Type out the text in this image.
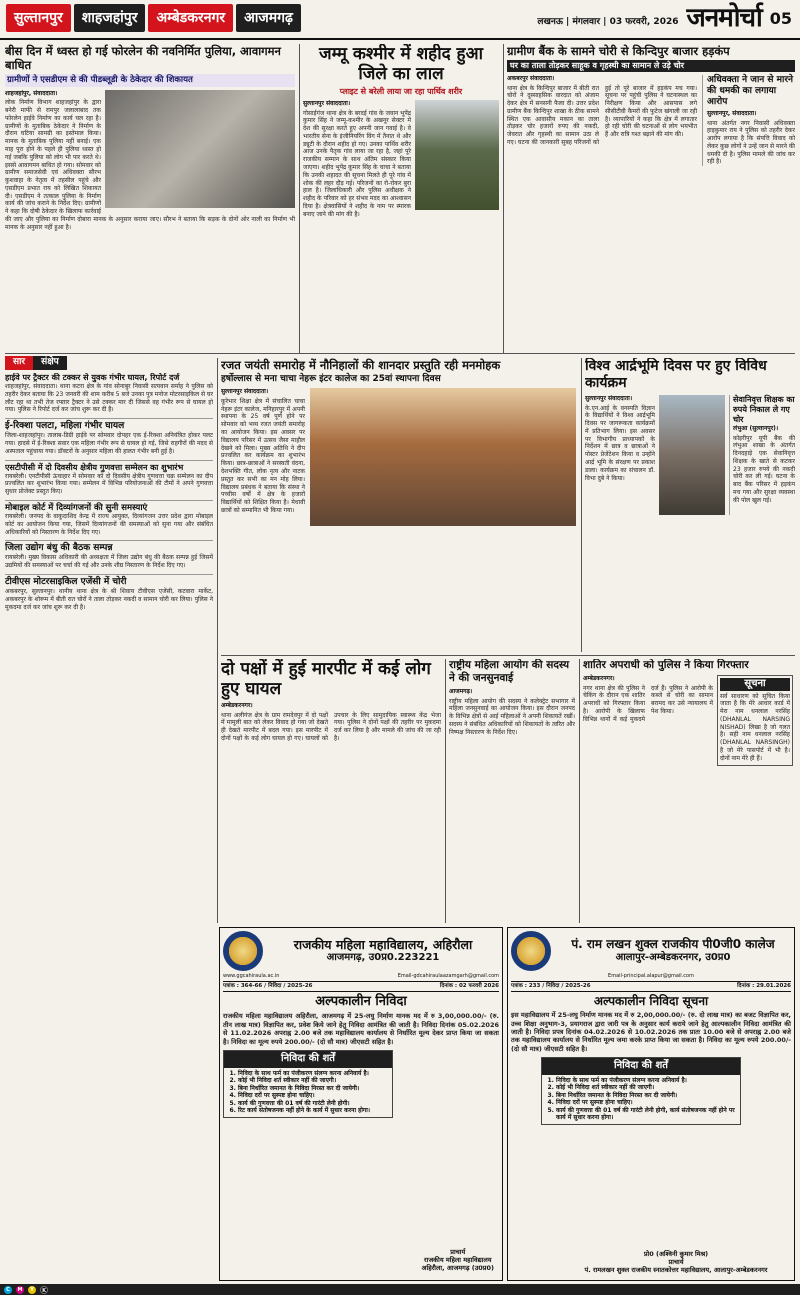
सुल्तानपुर	शाहजहांपुर	अम्बेडकरनगर	आजमगढ़	लखनऊ | मंगलवार | 03 फरवरी, 2026 जनमोर्चा 05
बीस दिन में ध्वस्त हो गई फोरलेन की नवनिर्मित पुलिया, आवागमन बाधित
ग्रामीणों ने एसडीएम से की पीडब्लूडी के ठेकेदार की शिकायत
शाहजहांपुर, संवाददाता।
लोक निर्माण विभाग शाहजहांपुर के द्वारा बनेरी माफी से रामपुर जलालाबाद तक फोरलेन हाईवे निर्माण का कार्य चल रहा है। ग्रामीणों के मुताबिक ठेकेदार ने निर्माण के दौरान घटिया सामग्री का इस्तेमाल किया। मानक के मुताबिक पुलिया नहीं बनाई। एक माह पूरा होने के पहले ही पुलिया ध्वस्त हो गई जबकि पुलिया को लोग भी पार करते थे। इससे आवागमन बाधित हो गया। सोमवार को ग्रामीण समाजसेवी एवं अधिवक्ता सौरभ कुशवाहा के नेतृत्व में तहसील पहुंचे और एसडीएम प्रभात राय को लिखित शिकायत दी। एसडीएम ने तत्काल पुलिया के निर्माण कार्य की जांच कराने के निर्देश दिए। ग्रामीणों ने कहा कि दोषी ठेकेदार के खिलाफ कार्रवाई की जाए और पुलिया का निर्माण दोबारा मानक के अनुसार कराया जाए। सौरभ ने बताया कि सड़क के दोनों ओर नाली का निर्माण भी मानक के अनुसार नहीं हुआ है।
जम्मू कश्मीर में शहीद हुआ जिले का लाल
प्लाइट से बरेली लाया जा रहा पार्थिव शरीर
सुल्तानपुर संवाददाता।
गोसाईगंज थाना क्षेत्र के बरदई गांव के जवान भूपेंद्र कुमार सिंह ने जम्मू-कश्मीर के अखनूर सेक्टर में देश की सुरक्षा करते हुए अपनी जान गवाई है। वे भारतीय सेना के इंजीनियरिंग विंग में तैनात थे और ड्यूटी के दौरान शहीद हो गए। उनका पार्थिव शरीर आज उनके पैतृक गांव लाया जा रहा है, जहां पूरे राजकीय सम्मान के साथ अंतिम संस्कार किया जाएगा। शहीद भूपेंद्र कुमार सिंह के चाचा ने बताया कि उनकी शहादत की सूचना मिलते ही पूरे गांव में शोक की लहर दौड़ गई। परिजनों का रो-रोकर बुरा हाल है। जिलाधिकारी और पुलिस अधीक्षक ने शहीद के परिवार को हर संभव मदद का आश्वासन दिया है। क्षेत्रवासियों ने शहीद के नाम पर स्मारक बनाए जाने की मांग की है।
ग्रामीण बैंक के सामने चोरी से किन्दिपुर बाजार हड़कंप
घर का ताला तोड़कर साहूक व गृहस्थी का सामान ले उड़े चोर
अकबरपुर संवाददाता।
थाना क्षेत्र के किन्दिपुर बाजार में बीती रात चोरों ने दुस्साहसिक वारदात को अंजाम देकर क्षेत्र में सनसनी फैला दी। उत्तर प्रदेश ग्रामीण बैंक किन्दिपुर शाखा के ठीक सामने स्थित एक आवासीय मकान का ताला तोड़कर चोर हजारों रुपए की नकदी, जेवरात और गृहस्थी का सामान उठा ले गए। घटना की जानकारी सुबह परिजनों को हुई तो पूरे बाजार में हड़कंप मच गया। सूचना पर पहुंची पुलिस ने घटनास्थल का निरीक्षण किया और आसपास लगे सीसीटीवी कैमरों की फुटेज खंगाली जा रही है। व्यापारियों ने कहा कि क्षेत्र में लगातार हो रही चोरी की घटनाओं से लोग भयभीत हैं और रात्रि गश्त बढ़ाने की मांग की।
अधिवक्ता ने जान से मारने की धमकी का लगाया आरोप
सुल्तानपुर, संवाददाता।
थाना अंतर्गत नगर निवासी अधिवक्ता हाइकुमार राय ने पुलिस को तहरीर देकर आरोप लगाया है कि संपत्ति विवाद को लेकर कुछ लोगों ने उन्हें जान से मारने की धमकी दी है। पुलिस मामले की जांच कर रही है।
सार	संक्षेप
हाईवे पर ट्रैक्टर की टक्कर से युवक गंभीर घायल, रिपोर्ट दर्ज
शाहजहांपुर, संवाददाता। थाना कटरा क्षेत्र के गांव सोनाबुर निवासी सत्यवान सर्माह ने पुलिस को तहरीर देकर बताया कि 23 जनवरी की शाम करीब 5 बजे उनका पुत्र मनोज मोटरसाइकिल से घर लौट रहा था तभी तेज रफ्तार ट्रैक्टर ने उसे टक्कर मार दी जिससे वह गंभीर रूप से घायल हो गया। पुलिस ने रिपोर्ट दर्ज कर जांच शुरू कर दी है।
ई-रिक्शा पलटा, महिला गंभीर घायल
जिला-शाहजहांपुर। तालाब-डिग्री हाईवे पर सोमवार दोपहर एक ई-रिक्शा अनियंत्रित होकर पलट गया। हादसे में ई-रिक्शा सवार एक महिला गंभीर रूप से घायल हो गई, जिसे राहगीरों की मदद से अस्पताल पहुंचाया गया। डॉक्टरों के अनुसार महिला की हालत गंभीर बनी हुई है।
एसटीपीसी में दो दिवसीय क्षेत्रीय गुणवत्ता सम्मेलन का शुभारंभ
रायबरेली। एनटीपीसी ऊंचाहार में सोमवार को दो दिवसीय क्षेत्रीय गुणवत्ता चक्र सम्मेलन का दीप प्रज्वलित कर शुभारंभ किया गया। सम्मेलन में विभिन्न परियोजनाओं की टीमों ने अपने गुणवत्ता सुधार प्रोजेक्ट प्रस्तुत किए।
मोबाइल कोर्ट में दिव्यांगजनों की सुनी समस्याएं
रायबरेली। जनपद के वाकुदाशिद केन्द्र में राज्य आयुक्त, दिव्यांगजन उत्तर प्रदेश द्वारा मोबाइल कोर्ट का आयोजन किया गया, जिसमें दिव्यांगजनों की समस्याओं को सुना गया और संबंधित अधिकारियों को निस्तारण के निर्देश दिए गए।
जिला उद्योग बंधु की बैठक सम्पन्न
रायबरेली। मुख्य विकास अधिकारी की अध्यक्षता में जिला उद्योग बंधु की बैठक सम्पन्न हुई जिसमें उद्यमियों की समस्याओं पर चर्चा की गई और उनके शीघ्र निस्तारण के निर्देश दिए गए।
टीवीएस मोटरसाइकिल एजेंसी में चोरी
अकबरपुर, सुल्तानपुर। थानीय थाना क्षेत्र के श्री शिवाय टीवीएस एजेंसी, कटवारा मार्केट, अकबरपुर के शोरूम में बीती रात चोरों ने ताला तोड़कर नकदी व सामान चोरी कर लिया। पुलिस ने मुकदमा दर्ज कर जांच शुरू कर दी है।
रजत जयंती समारोह में नौनिहालों की शानदार प्रस्तुति रही मनमोहक
हर्षोल्लास से मना चाचा नेहरू इंटर कालेज का 25वां स्थापना दिवस
सुल्तानपुर संवाददाता।
कूरेभार शिक्षा क्षेत्र में संचालित चाचा नेहरू इंटर कालेज, मनिहारपुर में अपनी स्थापना के 25 वर्ष पूर्ण होने पर सोमवार को भव्य रजत जयंती समारोह का आयोजन किया। इस अवसर पर विद्यालय परिसर में उत्सव जैसा माहौल देखने को मिला। मुख्य अतिथि ने दीप प्रज्वलित कर कार्यक्रम का शुभारंभ किया। छात्र-छात्राओं ने सरस्वती वंदना, देशभक्ति गीत, लोक नृत्य और नाटक प्रस्तुत कर सभी का मन मोह लिया। विद्यालय प्रबंधक ने बताया कि संस्था ने पच्चीस वर्षों में क्षेत्र के हजारों विद्यार्थियों को शिक्षित किया है। मेधावी छात्रों को सम्मानित भी किया गया।
विश्व आर्द्रभूमि दिवस पर हुए विविध कार्यक्रम
सुल्तानपुर संवाददाता।
के.एन.आई के वनस्पति विज्ञान के विद्यार्थियों ने विश्व आर्द्रभूमि दिवस पर जागरूकता कार्यक्रमों में प्रतिभाग लिया। इस अवसर पर विभागीय प्राध्यापकों के निर्देशन में छात्र व छात्राओं ने पोस्टर प्रेजेंटेशन किया व उन्होंने आर्द्र भूमि के संरक्षण पर प्रकाश डाला। कार्यक्रम का संचालन डॉ. विभा दुबे ने किया।
सेवानिवृत्त शिक्षक का रुपये निकाल ले गए चोर
लंभुआ (सुल्तानपुर)।
कोइरीपुर यूपी बैंक की लंभुआ शाखा के अंतर्गत दिनदहाड़े एक सेवानिवृत्त शिक्षक के खाते से कटकर 23 हजार रुपये की नकदी चोरी कर ली गई। घटना के बाद बैंक परिसर में हड़कंप मच गया और सुरक्षा व्यवस्था की पोल खुल गई।
दो पक्षों में हुई मारपीट में कई लोग हुए घायल
अम्बेडकरनगर।
थाना अलीगंज क्षेत्र के ग्राम रामदेवपुर में दो पक्षों में मामूली बात को लेकर विवाद हो गया जो देखते ही देखते मारपीट में बदल गया। इस मारपीट में दोनों पक्षों के कई लोग घायल हो गए। घायलों को उपचार के लिए सामुदायिक स्वास्थ्य केंद्र भेजा गया। पुलिस ने दोनों पक्षों की तहरीर पर मुकदमा दर्ज कर लिया है और मामले की जांच की जा रही है।
राष्ट्रीय महिला आयोग की सदस्य ने की जनसुनवाई
आजमगढ़।
राष्ट्रीय महिला आयोग की सदस्य ने कलेक्ट्रेट सभागार में महिला जनसुनवाई का आयोजन किया। इस दौरान जनपद के विभिन्न क्षेत्रों से आई महिलाओं ने अपनी शिकायतें रखीं। सदस्य ने संबंधित अधिकारियों को शिकायतों के त्वरित और निष्पक्ष निस्तारण के निर्देश दिए।
शातिर अपराधी को पुलिस ने किया गिरफ्तार
अम्बेडकरनगर।
नगर थाना क्षेत्र की पुलिस ने चेकिंग के दौरान एक शातिर अपराधी को गिरफ्तार किया है। आरोपी के खिलाफ विभिन्न थानों में कई मुकदमे दर्ज हैं। पुलिस ने आरोपी के कब्जे से चोरी का सामान बरामद कर उसे न्यायालय में पेश किया।
सूचना
सर्व साधारण को सूचित किया जाता है कि मेरे आधार कार्ड में मेरा नाम धनलाल नरसिंह (DHANLAL NARSING NISHAD) लिखा है जो गलत है। सही नाम धनलाल नरसिंह (DHANLAL NARSINGH) है जो मेरे पासपोर्ट में भी है। दोनों नाम मेरे ही हैं।
राजकीय महिला महाविद्यालय, अहिरौला
आजमगढ़, उ0प्र0.223221
www.ggcahiraula.ac.in	Email-gdcahiraulaazamgarh@gmail.com
पत्रांक : 364-66 / निविदा / 2025-26	दिनांक : 02 फरवरी 2026
अल्पकालीन निविदा
राजकीय महिला महाविद्यालय अहिरौला, आजमगढ़ में 25-लघु निर्माण मानक मद में रु 3,00,000.00/- (रु. तीन लाख मात्र) विज्ञापित कर, प्रवेश किये जाने हेतु निविदा आमंत्रित की जाती है। निविदा दिनांक 05.02.2026 से 11.02.2026 अपराह्न 2.00 बजे तक महाविद्यालय कार्यालय से निर्धारित मूल्य देकर प्राप्त किया जा सकता है। निविदा का मूल्य रुपये 200.00/- (दो सौ मात्र) जीएसटी सहित है।
निविदा की शर्तें
1. निविदा के साथ फर्म का पंजीकरण संलग्न करना अनिवार्य है।
2. कोई भी निविदा शर्त स्वीकार नहीं की जाएगी।
3. बिना निर्धारित जमानत के निविदा निरस्त कर दी जायेगी।
4. निविदा दरों पर सुस्पष्ट होना चाहिए।
5. कार्य की गुणवत्ता की 01 वर्ष की गारंटी लेनी होगी।
6. रिट कार्य संतोषजनक नहीं होने के कार्य में सुधार करना होगा।
प्राचार्य
राजकीय महिला महाविद्यालय
अहिरौला, आजमगढ़ (उ0प्र0)
पं. राम लखन शुक्ल राजकीय पी0जी0 कालेज
आलापुर-अम्बेडकरनगर, उ0प्र0
Email-principal.alapur@gmail.com
पत्रांक : 233 / निविदा / 2025-26	दिनांक : 29.01.2026
अल्पकालीन निविदा सूचना
इस महाविद्यालय में 25-लघु निर्माण मानक मद में रु 2,00,000.00/- (रु. दो लाख मात्र) का बजट विज्ञापित कर, उच्च शिक्षा अनुभाग-3, प्रयागराज द्वारा जारी पत्र के अनुसार कार्य कराये जाने हेतु आल्पकालीन निविदा आमंत्रित की जाती है। निविदा प्रपत्र दिनांक 04.02.2026 से 10.02.2026 तक प्रातः 10.00 बजे से अपराह्न 2.00 बजे तक महाविद्यालय कार्यालय से निर्धारित मूल्य जमा करके प्राप्त किया जा सकता है। निविदा का मूल्य रुपये 200.00/- (दो सौ मात्र) जीएसटी सहित है।
निविदा की शर्तें
1. निविदा के साथ फर्म का पंजीकरण संलग्न करना अनिवार्य है।
2. कोई भी निविदा शर्त स्वीकार नहीं की जाएगी।
3. बिना निर्धारित जमानत के निविदा निरस्त कर दी जायेगी।
4. निविदा दरों पर सुस्पष्ट होना चाहिए।
5. कार्य की गुणवत्ता की 01 वर्ष की गारंटी लेनी होगी, कार्य संतोषजनक नहीं होने पर कार्य में सुधार करना होगा।
प्रो0 (अश्विनी कुमार मिश्र)
प्राचार्य
पं. रामलखन शुक्ल राजकीय स्नातकोत्तर महाविद्यालय, आलापुर-अम्बेडकरनगर
C	M	Y	K
